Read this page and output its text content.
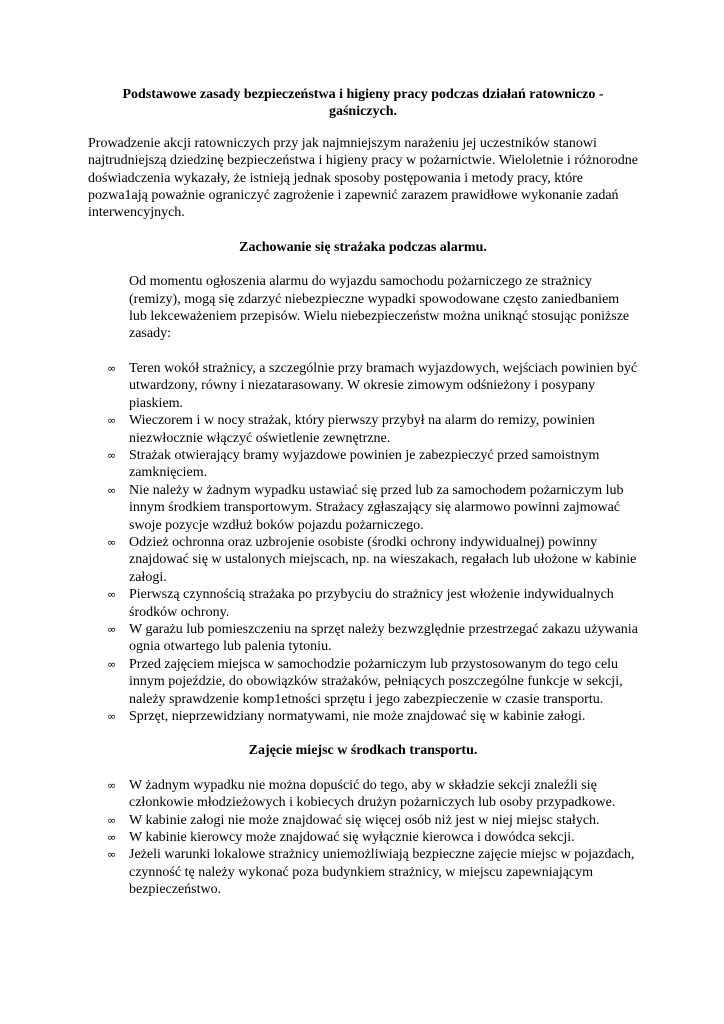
Podstawowe zasady bezpieczeństwa i higieny pracy podczas działań ratowniczo - gaśniczych.
Prowadzenie akcji ratowniczych przy jak najmniejszym narażeniu jej uczestników stanowi najtrudniejszą dziedzinę bezpieczeństwa i higieny pracy w pożarnictwie. Wieloletnie i różnorodne doświadczenia wykazały, że istnieją jednak sposoby postępowania i metody pracy, które pozwa1ają poważnie ograniczyć zagrożenie i zapewnić zarazem prawidłowe wykonanie zadań interwencyjnych.
Zachowanie się strażaka podczas alarmu.
Od momentu ogłoszenia alarmu do wyjazdu samochodu pożarniczego ze strażnicy (remizy), mogą się zdarzyć niebezpieczne wypadki spowodowane często zaniedbaniem lub lekceważeniem przepisów. Wielu niebezpieczeństw można uniknąć stosując poniższe zasady:
∞ Teren wokół strażnicy, a szczególnie przy bramach wyjazdowych, wejściach powinien być utwardzony, równy i niezatarasowany. W okresie zimowym odśnieżony i posypany piaskiem.
∞ Wieczorem i w nocy strażak, który pierwszy przybył na alarm do remizy, powinien niezwłocznie włączyć oświetlenie zewnętrzne.
∞ Strażak otwierający bramy wyjazdowe powinien je zabezpieczyć przed samoistnym zamknięciem.
∞ Nie należy w żadnym wypadku ustawiać się przed lub za samochodem pożarniczym lub innym środkiem transportowym. Strażacy zgłaszający się alarmowo powinni zajmować swoje pozycje wzdłuż boków pojazdu pożarniczego.
∞ Odzież ochronna oraz uzbrojenie osobiste (środki ochrony indywidualnej) powinny znajdować się w ustalonych miejscach, np. na wieszakach, regałach lub ułożone w kabinie załogi.
∞ Pierwszą czynnością strażaka po przybyciu do strażnicy jest włożenie indywidualnych środków ochrony.
∞ W garażu lub pomieszczeniu na sprzęt należy bezwzględnie przestrzegać zakazu używania ognia otwartego lub palenia tytoniu.
∞ Przed zajęciem miejsca w samochodzie pożarniczym lub przystosowanym do tego celu innym pojeździe, do obowiązków strażaków, pełniących poszczególne funkcje w sekcji, należy sprawdzenie komp1etności sprzętu i jego zabezpieczenie w czasie transportu.
∞ Sprzęt, nieprzewidziany normatywami, nie może znajdować się w kabinie załogi.
Zajęcie miejsc w środkach transportu.
∞ W żadnym wypadku nie można dopuścić do tego, aby w składzie sekcji znaleźli się członkowie młodzieżowych i kobiecych drużyn pożarniczych lub osoby przypadkowe.
∞ W kabinie załogi nie może znajdować się więcej osób niż jest w niej miejsc stałych.
∞ W kabinie kierowcy może znajdować się wyłącznie kierowca i dowódca sekcji.
∞ Jeżeli warunki lokalowe strażnicy uniemożliwiają bezpieczne zajęcie miejsc w pojazdach, czynność tę należy wykonać poza budynkiem strażnicy, w miejscu zapewniającym bezpieczeństwo.
